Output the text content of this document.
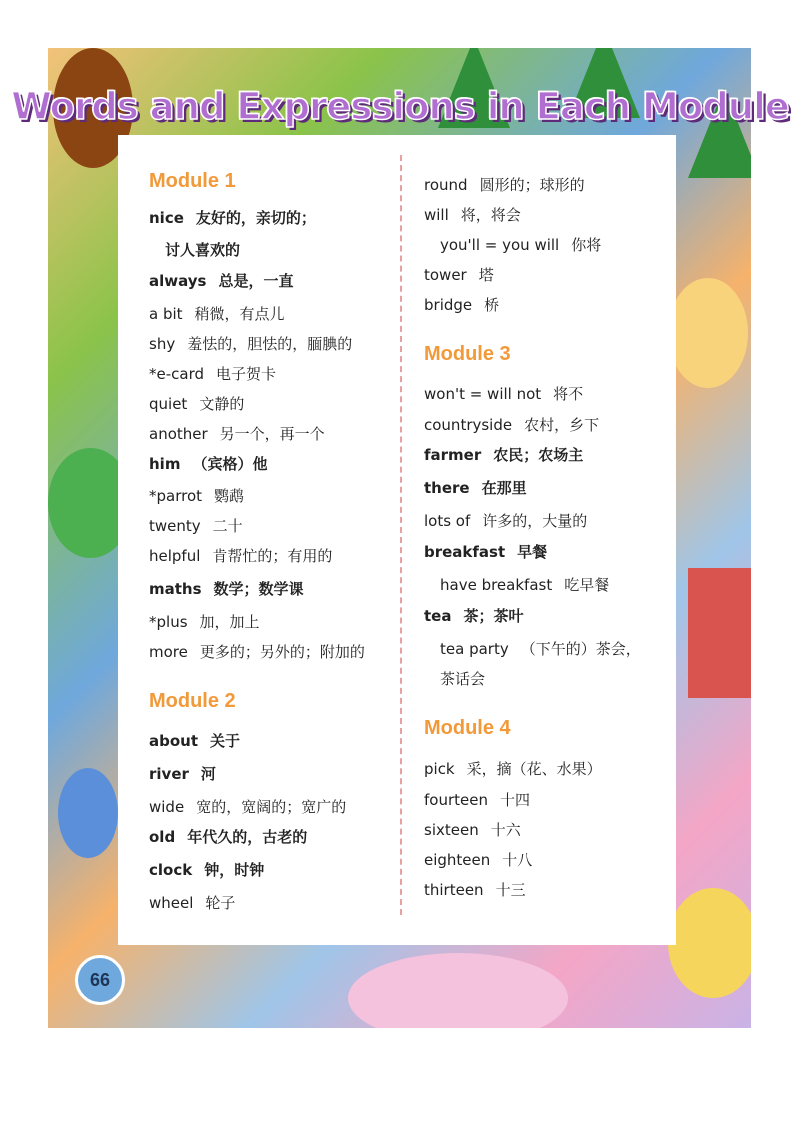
Words and Expressions in Each Module
Module 1
nice 友好的，亲切的；
讨人喜欢的
always 总是，一直
a bit 稍微，有点儿
shy 羞怯的，胆怯的，腼腆的
*e-card 电子贺卡
quiet 文静的
another 另一个，再一个
him （宾格）他
*parrot 鹦鹉
twenty 二十
helpful 肯帮忙的；有用的
maths 数学；数学课
*plus 加，加上
more 更多的；另外的；附加的
Module 2
about 关于
river 河
wide 宽的，宽阔的；宽广的
old 年代久的，古老的
clock 钟，时钟
wheel 轮子
round 圆形的；球形的
will 将，将会
you'll = you will 你将
tower 塔
bridge 桥
Module 3
won't = will not 将不
countryside 农村，乡下
farmer 农民；农场主
there 在那里
lots of 许多的，大量的
breakfast 早餐
have breakfast 吃早餐
tea 茶；茶叶
tea party （下午的）茶会，
茶话会
Module 4
pick 采，摘（花、水果）
fourteen 十四
sixteen 十六
eighteen 十八
thirteen 十三
66
